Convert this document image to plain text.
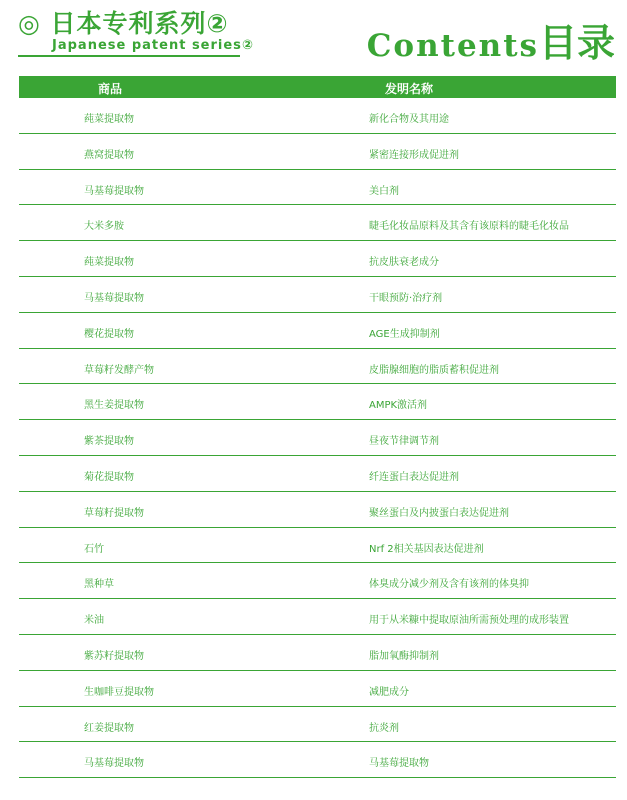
◎ 日本专利系列②
Japanese patent series②	Contents目录
商品	发明名称
莼菜提取物	新化合物及其用途
燕窝提取物	紧密连接形成促进剂
马基莓提取物	美白剂
大米多胺	睫毛化妆品原料及其含有该原料的睫毛化妆品
莼菜提取物	抗皮肤衰老成分
马基莓提取物	干眼预防·治疗剂
樱花提取物	AGE生成抑制剂
草莓籽发酵产物	皮脂腺细胞的脂质蓄积促进剂
黑生姜提取物	AMPK激活剂
紫茶提取物	昼夜节律调节剂
菊花提取物	纤连蛋白表达促进剂
草莓籽提取物	聚丝蛋白及内披蛋白表达促进剂
石竹	Nrf 2相关基因表达促进剂
黑种草	体臭成分减少剂及含有该剂的体臭抑
米油	用于从米糠中提取原油所需预处理的成形装置
紫苏籽提取物	脂加氧酶抑制剂
生咖啡豆提取物	减肥成分
红姜提取物	抗炎剂
马基莓提取物	马基莓提取物
